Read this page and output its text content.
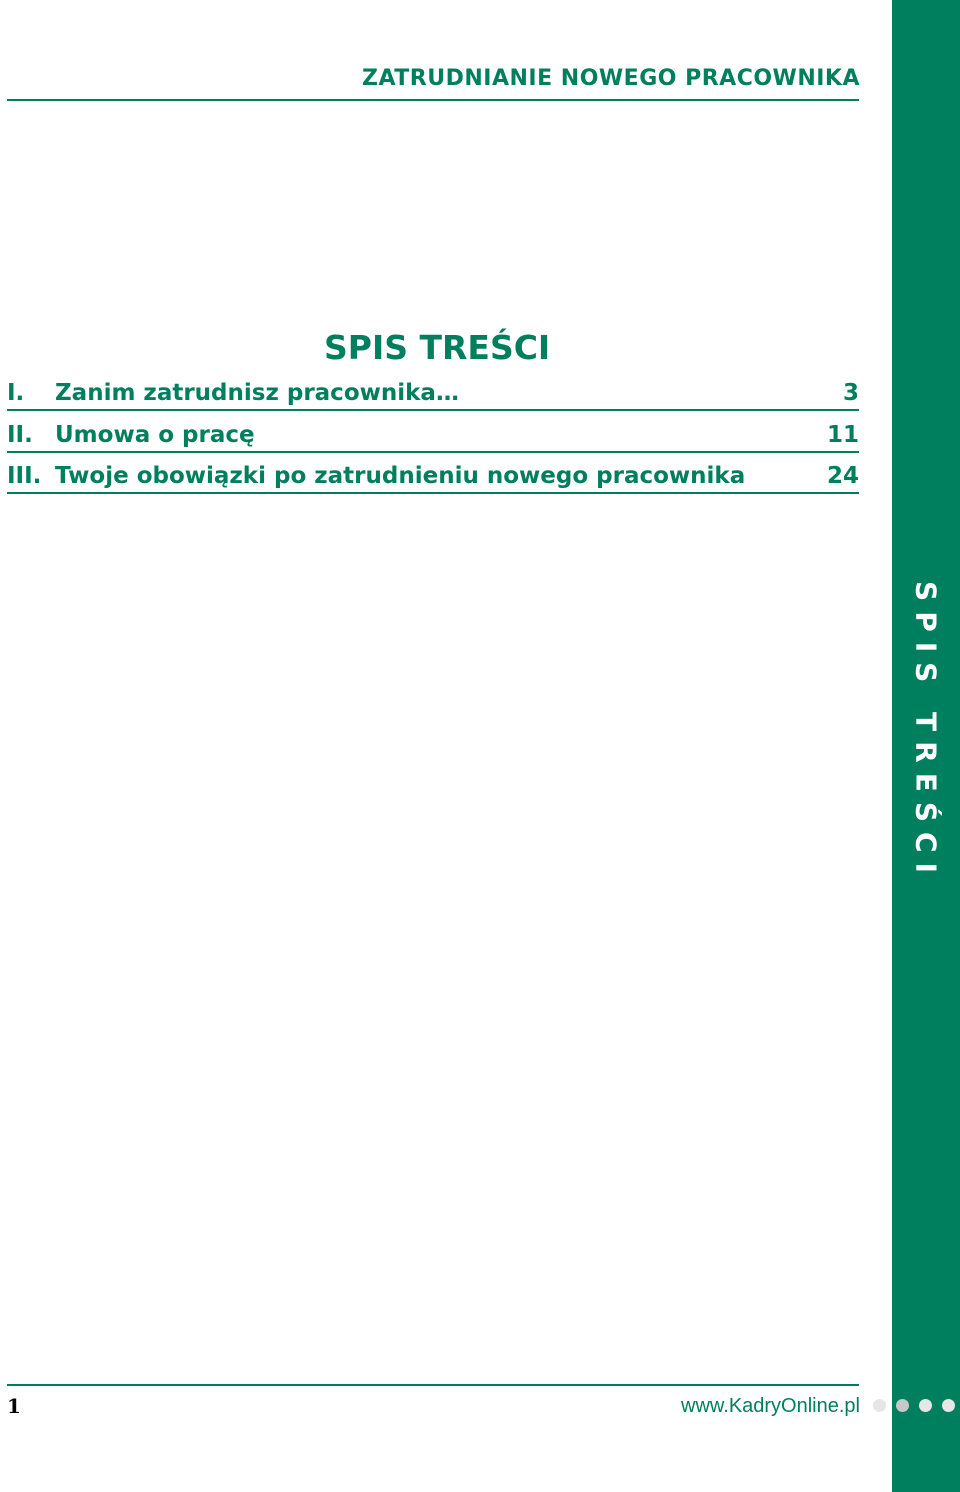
SPIS TREŚCI
ZATRUDNIANIE NOWEGO PRACOWNIKA
SPIS TREŚCI
I. Zanim zatrudnisz pracownika…	3
II. Umowa o pracę	11
III. Twoje obowiązki po zatrudnieniu nowego pracownika	24
1	www.KadryOnline.pl
